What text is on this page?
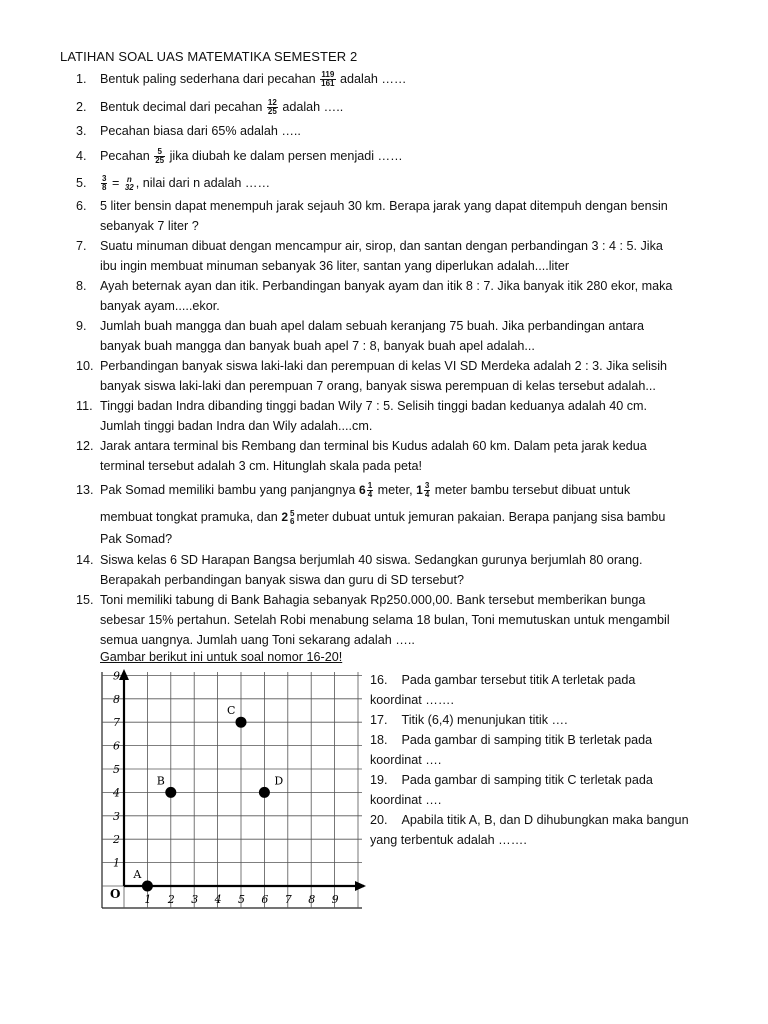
LATIHAN SOAL UAS MATEMATIKA SEMESTER 2
1.	Bentuk paling sederhana dari pecahan $\frac{119}{161}$ adalah ……
2.	Bentuk decimal dari pecahan $\frac{12}{25}$ adalah …..
3.	Pecahan biasa dari 65% adalah …..
4.	Pecahan $\frac{5}{25}$ jika diubah ke dalam persen menjadi ……
5.	$\frac{3}{8} = n$
32 , nilai dari n adalah ……
6.	5 liter bensin dapat menempuh jarak sejauh 30 km. Berapa jarak yang dapat ditempuh dengan bensin
sebanyak 7 liter ?
7.	Suatu minuman dibuat dengan mencampur air, sirop, dan santan dengan perbandingan 3 : 4 : 5. Jika
ibu ingin membuat minuman sebanyak 36 liter, santan yang diperlukan adalah....liter
8.	Ayah beternak ayan dan itik. Perbandingan banyak ayam dan itik 8 : 7. Jika banyak itik 280 ekor, maka
banyak ayam.....ekor.
9.	Jumlah buah mangga dan buah apel dalam sebuah keranjang 75 buah. Jika perbandingan antara
banyak buah mangga dan banyak buah apel 7 : 8, banyak buah apel adalah...
10. Perbandingan banyak siswa laki-laki dan perempuan di kelas VI SD Merdeka adalah 2 : 3. Jika selisih
banyak siswa laki-laki dan perempuan 7 orang, banyak siswa perempuan di kelas tersebut adalah...
11. Tinggi badan Indra dibanding tinggi badan Wily 7 : 5. Selisih tinggi badan keduanya adalah 40 cm.
Jumlah tinggi badan Indra dan Wily adalah....cm.
12. Jarak antara terminal bis Rembang dan terminal bis Kudus adalah 60 km. Dalam peta jarak kedua
terminal tersebut adalah 3 cm. Hitunglah skala pada peta!
13. Pak Somad memiliki bambu yang panjangnya $6 \frac{1}{4}$ meter, $1 \frac{3}{4}$ meter bambu tersebut dibuat untuk
membuat tongkat pramuka, dan 2 5
6 meter dubuat untuk jemuran pakaian. Berapa panjang sisa bambu
Pak Somad?
14. Siswa kelas 6 SD Harapan Bangsa berjumlah 40 siswa. Sedangkan gurunya berjumlah 80 orang.
Berapakah perbandingan banyak siswa dan guru di SD tersebut?
15. Toni memiliki tabung di Bank Bahagia sebanyak Rp250.000,00. Bank tersebut memberikan bunga
sebesar 15% pertahun. Setelah Robi menabung selama 18 bulan, Toni memutuskan untuk mengambil
semua uangnya. Jumlah uang Toni sekarang adalah …..
Gambar berikut ini untuk soal nomor 16-20!
O 1 2 3 4 5 6 7 8 9
1
2
3
4
5
6
7
8
9
A
B
C
D
16. Pada gambar tersebut titik A terletak pada
koordinat …….
17. Titik (6,4) menunjukan titik ….
18. Pada gambar di samping titik B terletak pada
koordinat ….
19. Pada gambar di samping titik C terletak pada
koordinat ….
20. Apabila titik A, B, dan D dihubungkan maka bangun
yang terbentuk adalah …….
